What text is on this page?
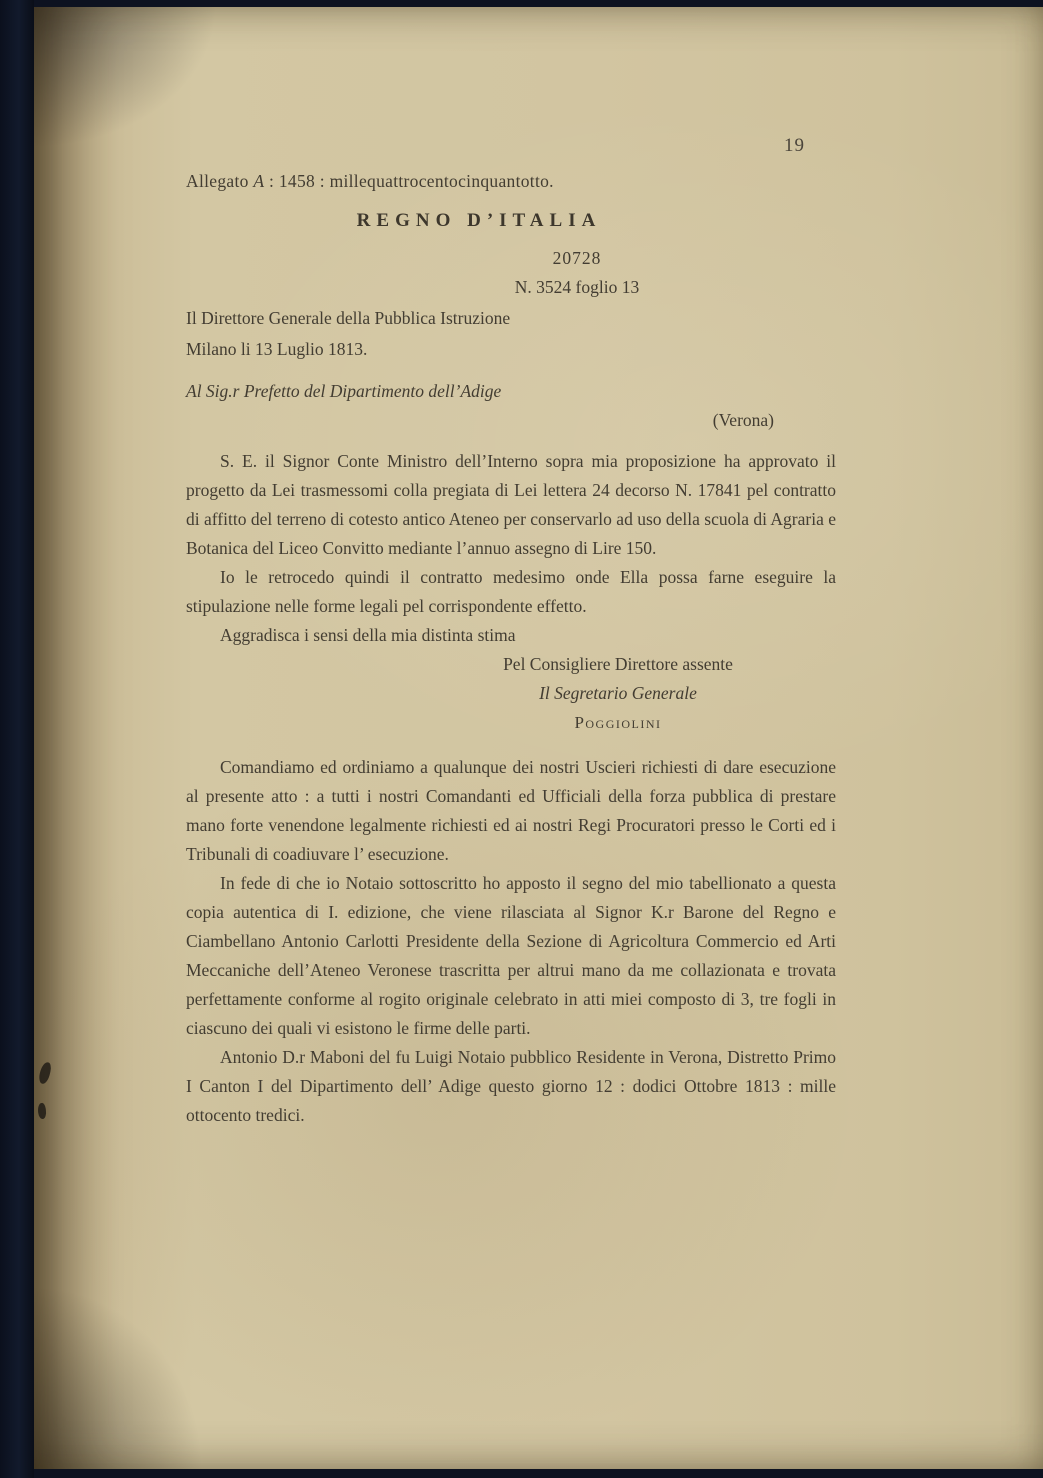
19

Allegato A : 1458 : millequattrocentocinquantotto.

REGNO D’ITALIA

20728

N. 3524 foglio 13

Il Direttore Generale della Pubblica Istruzione

Milano li 13 Luglio 1813.

Al Sig.r Prefetto del Dipartimento dell’Adige

(Verona)

S. E. il Signor Conte Ministro dell’Interno sopra mia proposizione ha approvato il progetto da Lei trasmessomi colla pregiata di Lei lettera 24 decorso N. 17841 pel contratto di affitto del terreno di cotesto antico Ateneo per conservarlo ad uso della scuola di Agraria e Botanica del Liceo Convitto mediante l’annuo assegno di Lire 150.

Io le retrocedo quindi il contratto medesimo onde Ella possa farne eseguire la stipulazione nelle forme legali pel corrispondente effetto.

Aggradisca i sensi della mia distinta stima

Pel Consigliere Direttore assente

Il Segretario Generale

Poggiolini

Comandiamo ed ordiniamo a qualunque dei nostri Uscieri richiesti di dare esecuzione al presente atto : a tutti i nostri Comandanti ed Ufficiali della forza pubblica di prestare mano forte venendone legalmente richiesti ed ai nostri Regi Procuratori presso le Corti ed i Tribunali di coadiuvare l’ esecuzione.

In fede di che io Notaio sottoscritto ho apposto il segno del mio tabellionato a questa copia autentica di I. edizione, che viene rilasciata al Signor K.r Barone del Regno e Ciambellano Antonio Carlotti Presidente della Sezione di Agricoltura Commercio ed Arti Meccaniche dell’Ateneo Veronese trascritta per altrui mano da me collazionata e trovata perfettamente conforme al rogito originale celebrato in atti miei composto di 3, tre fogli in ciascuno dei quali vi esistono le firme delle parti.

Antonio D.r Maboni del fu Luigi Notaio pubblico Residente in Verona, Distretto Primo I Canton I del Dipartimento dell’ Adige questo giorno 12 : dodici Ottobre 1813 : mille ottocento tredici.
